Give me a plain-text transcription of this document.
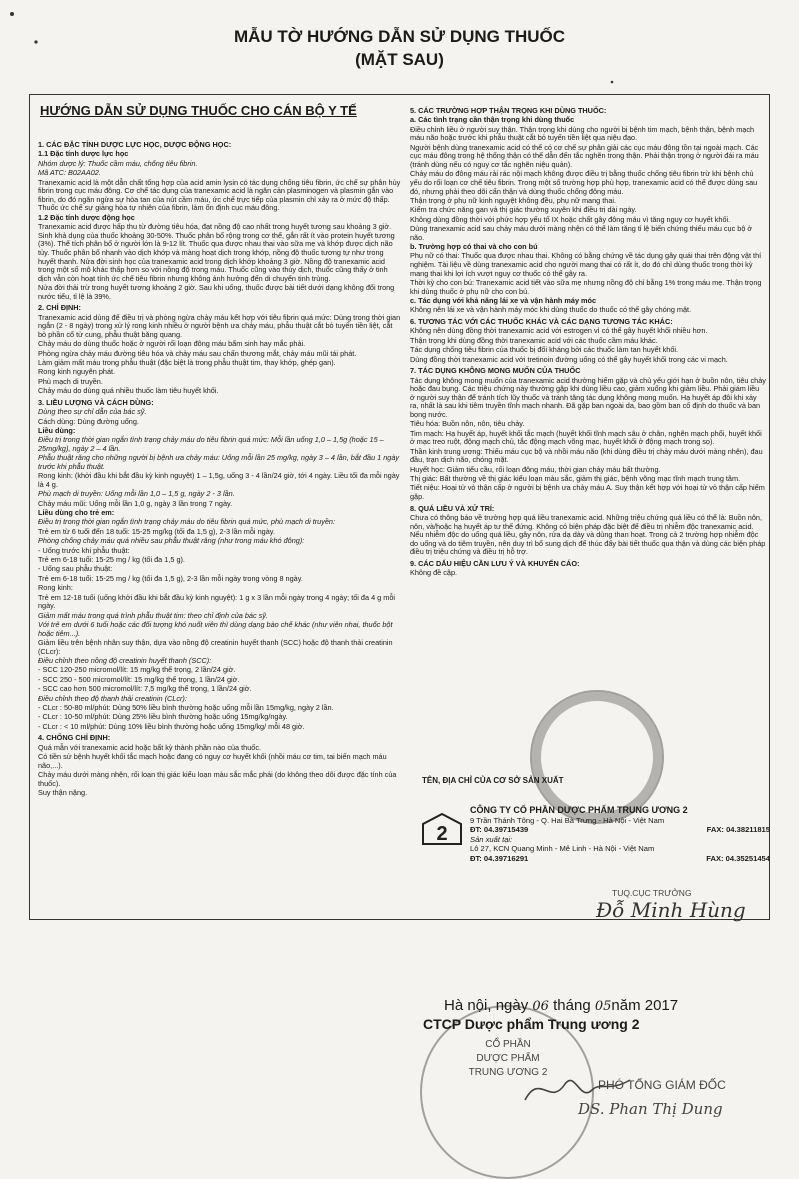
MẪU TỜ HƯỚNG DẪN SỬ DỤNG THUỐC
(MẶT SAU)
HƯỚNG DẪN SỬ DỤNG THUỐC CHO CÁN BỘ Y TẾ

1. CÁC ĐẶC TÍNH DƯỢC LỰC HỌC, DƯỢC ĐỘNG HỌC:

1.1 Đặc tính dược lực học

Nhóm dược lý: Thuốc cầm máu, chống tiêu fibrin.

Mã ATC: B02AA02.

Tranexamic acid là một dẫn chất tổng hợp của acid amin lysin có tác dụng chống tiêu fibrin, ức chế sự phân hủy fibrin trong cục máu đông. Cơ chế tác dụng của tranexamic acid là ngăn cản plasminogen và plasmin gắn vào fibrin, do đó ngăn ngừa sự hòa tan của nút cầm máu, ức chế trực tiếp của plasmin chỉ xảy ra ở mức độ thấp. Thuốc ức chế sự giảng hòa tự nhiên của fibrin, làm ổn định cục máu đông.

1.2 Đặc tính dược động học

Tranexamic acid được hấp thu từ đường tiêu hóa, đạt nồng độ cao nhất trong huyết tương sau khoảng 3 giờ. Sinh khả dụng của thuốc khoảng 30-50%. Thuốc phân bố rộng trong cơ thể, gắn rất ít vào protein huyết tương (3%). Thể tích phân bố ở người lớn là 9-12 lít. Thuốc qua được nhau thai vào sữa mẹ và khớp được dịch não tủy. Thuốc phân bố nhanh vào dịch khớp và màng hoạt dịch trong khớp, nồng độ thuốc tương tự như trong huyết thanh. Nửa đời sinh học của tranexamic acid trong dịch khớp khoảng 3 giờ. Nồng độ tranexamic acid trong một số mô khác thấp hơn so với nồng độ trong máu. Thuốc cũng vào thủy dịch, thuốc cũng thấy ở tinh dịch vẫn còn hoạt tính ức chế tiêu fibrin nhưng không ảnh hưởng đến di chuyển tinh trùng.

Nửa đời thải trừ trong huyết tương khoảng 2 giờ. Sau khi uống, thuốc được bài tiết dưới dạng không đổi trong nước tiểu, tỉ lệ là 39%.

2. CHỈ ĐỊNH:

Tranexamic acid dùng để điều trị và phòng ngừa chảy máu kết hợp với tiêu fibrin quá mức: Dùng trong thời gian ngắn (2 - 8 ngày) trong xử lý rong kinh nhiều ở người bệnh ưa chảy máu, phẫu thuật cắt bỏ tuyến tiền liệt, cắt bỏ phần cổ tử cung, phẫu thuật băng quang.

Chảy máu do dùng thuốc hoặc ở người rối loạn đông máu bẩm sinh hay mắc phải.

Phòng ngừa chảy máu đường tiêu hóa và chảy máu sau chấn thương mắt, chảy máu mũi tái phát.

Làm giảm mất máu trong phẫu thuật (đặc biệt là trong phẫu thuật tim, thay khớp, ghép gan).

Rong kinh nguyên phát.

Phù mạch di truyền.

Chảy máu do dùng quá nhiều thuốc làm tiêu huyết khối.

3. LIỀU LƯỢNG VÀ CÁCH DÙNG:

Dùng theo sự chỉ dẫn của bác sỹ.

Cách dùng: Dùng đường uống.

Liều dùng:

Điều trị trong thời gian ngắn tình trạng chảy máu do tiêu fibrin quá mức: Mỗi lần uống 1,0 – 1,5g (hoặc 15 – 25mg/kg), ngày 2 – 4 lần.

Phẫu thuật răng cho những người bị bệnh ưa chảy máu: Uống mỗi lần 25 mg/kg, ngày 3 – 4 lần, bắt đầu 1 ngày trước khi phẫu thuật.

Rong kinh: (khởi đầu khi bắt đầu kỳ kinh nguyệt) 1 – 1,5g, uống 3 - 4 lần/24 giờ, tới 4 ngày. Liều tối đa mỗi ngày là 4 g.

Phù mạch di truyền: Uống mỗi lần 1,0 – 1,5 g, ngày 2 - 3 lần.

Chảy máu mũi: Uống mỗi lần 1,0 g, ngày 3 lần trong 7 ngày.

Liều dùng cho trẻ em:

Điều trị trong thời gian ngắn tình trạng chảy máu do tiêu fibrin quá mức, phù mạch di truyền:

Trẻ em từ 6 tuổi đến 18 tuổi: 15-25 mg/kg (tối đa 1,5 g), 2-3 lần mỗi ngày.

Phòng chống chảy máu quá nhiều sau phẫu thuật răng (như trong máu khó đông):

- Uống trước khi phẫu thuật:

Trẻ em 6-18 tuổi: 15-25 mg / kg (tối đa 1,5 g).

- Uống sau phẫu thuật:

Trẻ em 6-18 tuổi: 15-25 mg / kg (tối đa 1,5 g), 2-3 lần mỗi ngày trong vòng 8 ngày.

Rong kinh:

Trẻ em 12-18 tuổi (uống khởi đầu khi bắt đầu kỳ kinh nguyệt): 1 g x 3 lần mỗi ngày trong 4 ngày; tối đa 4 g mỗi ngày.

Giảm mất máu trong quá trình phẫu thuật tim: theo chỉ định của bác sỹ.

Với trẻ em dưới 6 tuổi hoặc các đối tượng khó nuốt viên thì dùng dạng bào chế khác (như viên nhai, thuốc bột hoặc tiêm...).

Giảm liều trên bệnh nhân suy thận, dựa vào nồng độ creatinin huyết thanh (SCC) hoặc độ thanh thải creatinin (CLcr):

Điều chỉnh theo nồng độ creatinin huyết thanh (SCC):

- SCC 120-250 micromol/lít: 15 mg/kg thể trọng, 2 lần/24 giờ.

- SCC 250 - 500 micromol/lít: 15 mg/kg thể trọng, 1 lần/24 giờ.

- SCC cao hơn 500 micromol/lít: 7,5 mg/kg thể trọng, 1 lần/24 giờ.

Điều chỉnh theo độ thanh thải creatinin (CLcr):

- CLcr : 50-80 ml/phút: Dùng 50% liều bình thường hoặc uống mỗi lần 15mg/kg, ngày 2 lần.

- CLcr : 10-50 ml/phút: Dùng 25% liều bình thường hoặc uống 15mg/kg/ngày.

- CLcr : < 10 ml/phút: Dùng 10% liều bình thường hoặc uống 15mg/kg/ mỗi 48 giờ.

4. CHỐNG CHỈ ĐỊNH:

Quá mẫn với tranexamic acid hoặc bất kỳ thành phần nào của thuốc.

Có tiền sử bệnh huyết khối tắc mạch hoặc đang có nguy cơ huyết khối (nhồi máu cơ tim, tai biến mạch máu não,...).

Chảy máu dưới màng nhện, rối loạn thị giác kiểu loạn màu sắc mắc phải (do không theo dõi được đặc tính của thuốc).

Suy thận nặng.

5. CÁC TRƯỜNG HỢP THẬN TRỌNG KHI DÙNG THUỐC:

a. Các tình trạng cần thận trọng khi dùng thuốc

Điều chỉnh liều ở người suy thận. Thận trọng khi dùng cho người bị bệnh tim mạch, bệnh thận, bệnh mạch máu não hoặc trước khi phẫu thuật cắt bỏ tuyến tiền liệt qua niệu đạo.

Người bệnh dùng tranexamic acid có thể có cơ chế sự phân giải các cục máu đông tồn tại ngoài mạch. Các cục máu đông trong hệ thống thận có thể dẫn đến tắc nghẽn trong thận. Phải thận trọng ở người đái ra máu (tránh dùng nếu có nguy cơ tắc nghẽn niệu quản).

Chảy máu do đông máu rải rác nội mạch không được điều trị bằng thuốc chống tiêu fibrin trừ khi bệnh chủ yếu do rối loạn cơ chế tiêu fibrin. Trong một số trường hợp phù hợp, tranexamic acid có thể được dùng sau đó, nhưng phải theo dõi cẩn thận và dùng thuốc chống đông máu.

Thận trọng ở phụ nữ kinh nguyệt không đều, phụ nữ mang thai.

Kiểm tra chức năng gan và thị giác thường xuyên khi điều trị dài ngày.

Không dùng đồng thời với phức hợp yếu tố IX hoặc chất gây đông máu vì tăng nguy cơ huyết khối.

Dùng tranexamic acid sau chảy máu dưới màng nhện có thể làm tăng tỉ lệ biến chứng thiếu máu cục bộ ở não.

b. Trường hợp có thai và cho con bú

Phụ nữ có thai: Thuốc qua được nhau thai. Không có bằng chứng về tác dụng gây quái thai trên động vật thí nghiệm. Tài liệu về dùng tranexamic acid cho người mang thai có rất ít, do đó chỉ dùng thuốc trong thời kỳ mang thai khi lợi ích vượt nguy cơ thuốc có thể gây ra.

Thời kỳ cho con bú: Tranexamic acid tiết vào sữa mẹ nhưng nồng độ chỉ bằng 1% trong máu mẹ. Thận trọng khi dùng thuốc ở phụ nữ cho con bú.

c. Tác dụng với khả năng lái xe và vận hành máy móc

Không nên lái xe và vận hành máy móc khi dùng thuốc do thuốc có thể gây chóng mặt.

6. TƯƠNG TÁC VỚI CÁC THUỐC KHÁC VÀ CÁC DẠNG TƯƠNG TÁC KHÁC:

Không nên dùng đồng thời tranexamic acid với estrogen vì có thể gây huyết khối nhiều hơn.

Thận trọng khi dùng đồng thời tranexamic acid với các thuốc cầm máu khác.

Tác dụng chống tiêu fibrin của thuốc bị đối kháng bởi các thuốc làm tan huyết khối.

Dùng đồng thời tranexamic acid với tretinoin đường uống có thể gây huyết khối trong các vi mạch.

7. TÁC DỤNG KHÔNG MONG MUỐN CỦA THUỐC

Tác dụng không mong muốn của tranexamic acid thường hiếm gặp và chủ yếu giới hạn ở buồn nôn, tiêu chảy hoặc đau bụng. Các triệu chứng này thường gặp khi dùng liều cao, giảm xuống khi giảm liều. Phải giám liều ở người suy thận để tránh tích lũy thuốc và tránh tăng tác dụng không mong muốn. Hạ huyết áp đôi khi xảy ra, nhất là sau khi tiêm truyền tĩnh mạch nhanh. Đã gặp ban ngoài da, bao gồm ban cố định do thuốc và ban bọng nước.

Tiêu hóa: Buồn nôn, nôn, tiêu chảy.

Tim mạch: Hạ huyết áp, huyết khối tắc mạch (huyết khối tĩnh mạch sâu ở chân, nghẽn mạch phổi, huyết khối ở mạc treo ruột, động mạch chủ, tắc động mạch võng mạc, huyết khối ở động mạch trong sọ).

Thần kinh trung ương: Thiếu máu cục bộ và nhồi máu não (khi dùng điều trị chảy máu dưới màng nhện), đau đầu, trạn dịch não, chóng mặt.

Huyết học: Giảm tiểu cầu, rối loạn đông máu, thời gian chảy máu bất thường.

Thị giác: Bất thường về thị giác kiểu loạn màu sắc, giảm thị giác, bệnh võng mạc tĩnh mạch trung tâm.

Tiết niệu: Hoại tử vỏ thận cấp ở người bị bệnh ưa chảy máu A. Suy thận kết hợp với hoại tử vỏ thận cấp hiếm gặp.

8. QUÁ LIỀU VÀ XỬ TRÍ:

Chưa có thông báo về trường hợp quá liều tranexamic acid. Những triệu chứng quá liều có thể là: Buồn nôn, nôn, và/hoặc hạ huyết áp tư thế đứng. Không có biện pháp đặc biệt để điều trị nhiễm độc tranexamic acid. Nếu nhiễm độc do uống quá liều, gây nôn, rửa dạ dày và dùng than hoạt. Trong cả 2 trường hợp nhiễm độc do uống và do tiêm truyền, nên duy trì bổ sung dịch để thúc đẩy bài tiết thuốc qua thận và dùng các biện pháp điều trị triệu chứng và điều trị hỗ trợ.

9. CÁC DẤU HIỆU CẦN LƯU Ý VÀ KHUYẾN CÁO:

Không đề cập.

TÊN, ĐỊA CHỈ CỦA CƠ SỞ SẢN XUẤT
2
CÔNG TY CỔ PHẦN DƯỢC PHẨM TRUNG ƯƠNG 2
9 Trần Thánh Tông - Q. Hai Bà Trưng - Hà Nội - Việt Nam
ĐT: 04.39715439	FAX: 04.38211815
Sản xuất tại:
Lô 27, KCN Quang Minh - Mê Linh - Hà Nội - Việt Nam
ĐT: 04.39716291	FAX: 04.35251454
TUQ.CỤC TRƯỞNG
Đỗ Minh Hùng
CỔ PHẦN
DƯỢC PHẨM
TRUNG ƯƠNG 2
Hà nội, ngày 06 tháng 05năm 2017
CTCP Dược phẩm Trung ương 2
PHÓ TỔNG GIÁM ĐỐC
DS. Phan Thị Dung
